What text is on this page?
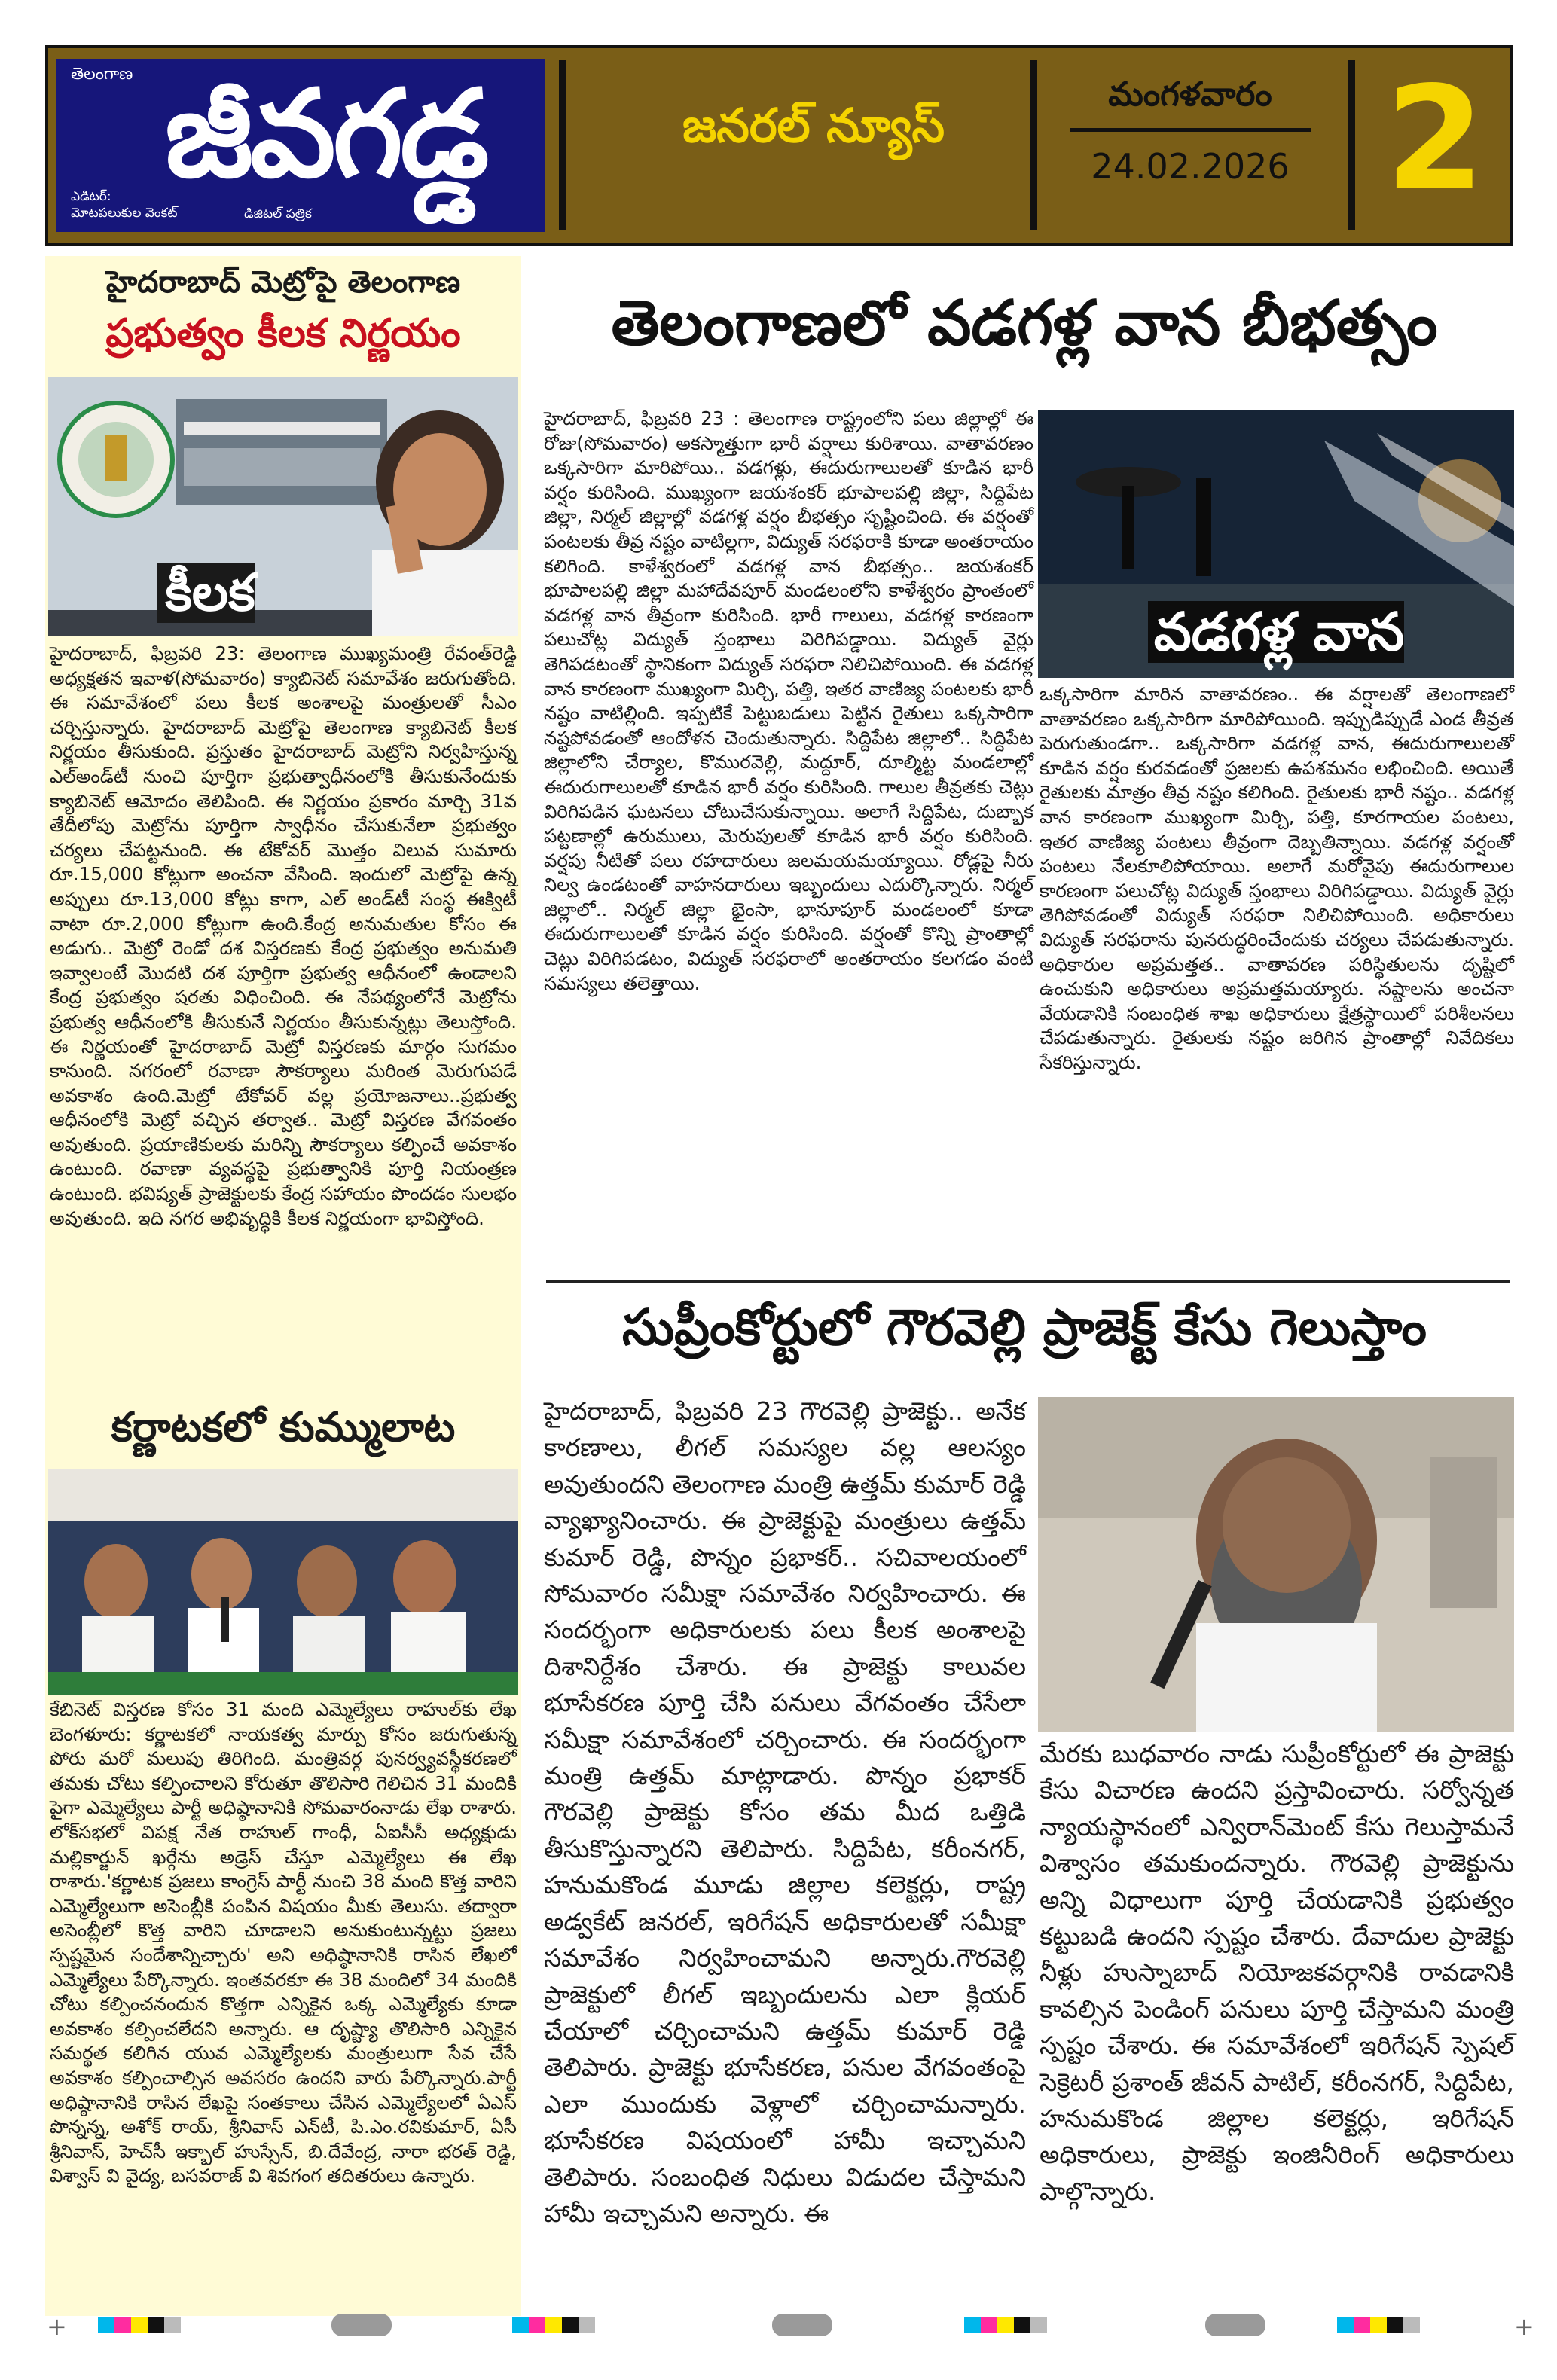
తెలంగాణ జీవగడ్డ
ఎడిటర్:
మోటపలుకుల వెంకట్	డిజిటల్ పత్రిక
జనరల్ న్యూస్
మంగళవారం
24.02.2026 2
హైదరాబాద్ మెట్రోపై తెలంగాణ
ప్రభుత్వం కీలక నిర్ణయం
కీలక
హైదరాబాద్, ఫిబ్రవరి 23: తెలంగాణ ముఖ్యమంత్రి రేవంత్‌రెడ్డి అధ్యక్షతన ఇవాళ(సోమవారం) క్యాబినెట్ సమావేశం జరుగుతోంది. ఈ సమావేశంలో పలు కీలక అంశాలపై మంత్రులతో సీఎం చర్చిస్తున్నారు. హైదరాబాద్ మెట్రోపై తెలంగాణ క్యాబినెట్ కీలక నిర్ణయం తీసుకుంది. ప్రస్తుతం హైదరాబాద్ మెట్రోని నిర్వహిస్తున్న ఎల్అండ్‌టీ నుంచి పూర్తిగా ప్రభుత్వాధీనంలోకి తీసుకునేందుకు క్యాబినెట్ ఆమోదం తెలిపింది. ఈ నిర్ణయం ప్రకారం మార్చి 31వ తేదీలోపు మెట్రోను పూర్తిగా స్వాధీనం చేసుకునేలా ప్రభుత్వం చర్యలు చేపట్టనుంది. ఈ టేకోవర్ మొత్తం విలువ సుమారు రూ.15,000 కోట్లుగా అంచనా వేసింది. ఇందులో మెట్రోపై ఉన్న అప్పులు రూ.13,000 కోట్లు కాగా, ఎల్ అండ్‌టీ సంస్థ ఈక్విటీ వాటా రూ.2,000 కోట్లుగా ఉంది.కేంద్ర అనుమతుల కోసం ఈ అడుగు.. మెట్రో రెండో దశ విస్తరణకు కేంద్ర ప్రభుత్వం అనుమతి ఇవ్వాలంటే మొదటి దశ పూర్తిగా ప్రభుత్వ ఆధీనంలో ఉండాలని కేంద్ర ప్రభుత్వం షరతు విధించింది. ఈ నేపథ్యంలోనే మెట్రోను ప్రభుత్వ ఆధీనంలోకి తీసుకునే నిర్ణయం తీసుకున్నట్లు తెలుస్తోంది. ఈ నిర్ణయంతో హైదరాబాద్ మెట్రో విస్తరణకు మార్గం సుగమం కానుంది. నగరంలో రవాణా సౌకర్యాలు మరింత మెరుగుపడే అవకాశం ఉంది.మెట్రో టేకోవర్ వల్ల ప్రయోజనాలు..ప్రభుత్వ ఆధీనంలోకి మెట్రో వచ్చిన తర్వాత.. మెట్రో విస్తరణ వేగవంతం అవుతుంది. ప్రయాణికులకు మరిన్ని సౌకర్యాలు కల్పించే అవకాశం ఉంటుంది. రవాణా వ్యవస్థపై ప్రభుత్వానికి పూర్తి నియంత్రణ ఉంటుంది. భవిష్యత్ ప్రాజెక్టులకు కేంద్ర సహాయం పొందడం సులభం అవుతుంది. ఇది నగర అభివృద్ధికి కీలక నిర్ణయంగా భావిస్తోంది.
కర్ణాటకలో కుమ్ములాట
కేబినెట్ విస్తరణ కోసం 31 మంది ఎమ్మెల్యేలు రాహుల్‌కు లేఖ బెంగళూరు: కర్ణాటకలో నాయకత్వ మార్పు కోసం జరుగుతున్న పోరు మరో మలుపు తిరిగింది. మంత్రివర్గ పునర్వ్యవస్థీకరణలో తమకు చోటు కల్పించాలని కోరుతూ తొలిసారి గెలిచిన 31 మందికి పైగా ఎమ్మెల్యేలు పార్టీ అధిష్ఠానానికి సోమవారంనాడు లేఖ రాశారు. లోక్‌సభలో విపక్ష నేత రాహుల్ గాంధీ, ఏఐసీసీ అధ్యక్షుడు మల్లికార్జున్ ఖర్గేను అడ్రెస్ చేస్తూ ఎమ్మెల్యేలు ఈ లేఖ రాశారు.'కర్ణాటక ప్రజలు కాంగ్రెస్ పార్టీ నుంచి 38 మంది కొత్త వారిని ఎమ్మెల్యేలుగా అసెంబ్లీకి పంపిన విషయం మీకు తెలుసు. తద్వారా అసెంబ్లీలో కొత్త వారిని చూడాలని అనుకుంటున్నట్టు ప్రజలు స్పష్టమైన సందేశాన్నిచ్చారు' అని అధిష్ఠానానికి రాసిన లేఖలో ఎమ్మెల్యేలు పేర్కొన్నారు. ఇంతవరకూ ఈ 38 మందిలో 34 మందికి చోటు కల్పించనందున కొత్తగా ఎన్నికైన ఒక్క ఎమ్మెల్యేకు కూడా అవకాశం కల్పించలేదని అన్నారు. ఆ దృష్ట్యా తొలిసారి ఎన్నికైన సమర్థత కలిగిన యువ ఎమ్మెల్యేలకు మంత్రులుగా సేవ చేసే అవకాశం కల్పించాల్సిన అవసరం ఉందని వారు పేర్కొన్నారు.పార్టీ అధిష్ఠానానికి రాసిన లేఖపై సంతకాలు చేసిన ఎమ్మెల్యేలలో ఏఎస్ పొన్నన్న, అశోక్ రాయ్, శ్రీనివాస్ ఎన్‌టీ, పి.ఎం.రవికుమార్, ఏసీ శ్రీనివాస్, హెచ్‌సీ ఇక్బాల్ హుస్సేన్, బి.దేవేంద్ర, నారా భరత్ రెడ్డి, విశ్వాస్ వి వైద్య, బసవరాజ్ వి శివగంగ తదితరులు ఉన్నారు.
తెలంగాణలో వడగళ్ల వాన బీభత్సం
హైదరాబాద్, ఫిబ్రవరి 23 : తెలంగాణ రాష్ట్రంలోని పలు జిల్లాల్లో ఈ రోజు(సోమవారం) అకస్మాత్తుగా భారీ వర్షాలు కురిశాయి. వాతావరణం ఒక్కసారిగా మారిపోయి.. వడగళ్లు, ఈదురుగాలులతో కూడిన భారీ వర్షం కురిసింది. ముఖ్యంగా జయశంకర్ భూపాలపల్లి జిల్లా, సిద్దిపేట జిల్లా, నిర్మల్ జిల్లాల్లో వడగళ్ల వర్షం బీభత్సం సృష్టించింది. ఈ వర్షంతో పంటలకు తీవ్ర నష్టం వాటిల్లగా, విద్యుత్ సరఫరాకి కూడా అంతరాయం కలిగింది. కాళేశ్వరంలో వడగళ్ల వాన బీభత్సం.. జయశంకర్ భూపాలపల్లి జిల్లా మహాదేవపూర్ మండలంలోని కాళేశ్వరం ప్రాంతంలో వడగళ్ల వాన తీవ్రంగా కురిసింది. భారీ గాలులు, వడగళ్ల కారణంగా పలుచోట్ల విద్యుత్ స్తంభాలు విరిగిపడ్డాయి. విద్యుత్ వైర్లు తెగిపడటంతో స్థానికంగా విద్యుత్ సరఫరా నిలిచిపోయింది. ఈ వడగళ్ల వాన కారణంగా ముఖ్యంగా మిర్చి, పత్తి, ఇతర వాణిజ్య పంటలకు భారీ నష్టం వాటిల్లింది. ఇప్పటికే పెట్టుబడులు పెట్టిన రైతులు ఒక్కసారిగా నష్టపోవడంతో ఆందోళన చెందుతున్నారు. సిద్దిపేట జిల్లాలో.. సిద్దిపేట జిల్లాలోని చేర్యాల, కొమురవెల్లి, మద్దూర్, దూల్మిట్ట మండలాల్లో ఈదురుగాలులతో కూడిన భారీ వర్షం కురిసింది. గాలుల తీవ్రతకు చెట్లు విరిగిపడిన ఘటనలు చోటుచేసుకున్నాయి. అలాగే సిద్దిపేట, దుబ్బాక పట్టణాల్లో ఉరుములు, మెరుపులతో కూడిన భారీ వర్షం కురిసింది. వర్షపు నీటితో పలు రహదారులు జలమయమయ్యాయి. రోడ్లపై నీరు నిల్వ ఉండటంతో వాహనదారులు ఇబ్బందులు ఎదుర్కొన్నారు. నిర్మల్ జిల్లాలో.. నిర్మల్ జిల్లా భైంసా, భానూపూర్ మండలంలో కూడా ఈదురుగాలులతో కూడిన వర్షం కురిసింది. వర్షంతో కొన్ని ప్రాంతాల్లో చెట్లు విరిగిపడటం, విద్యుత్ సరఫరాలో అంతరాయం కలగడం వంటి సమస్యలు తలెత్తాయి.
వడగళ్ల వాన
ఒక్కసారిగా మారిన వాతావరణం.. ఈ వర్షాలతో తెలంగాణలో వాతావరణం ఒక్కసారిగా మారిపోయింది. ఇప్పుడిప్పుడే ఎండ తీవ్రత పెరుగుతుండగా.. ఒక్కసారిగా వడగళ్ల వాన, ఈదురుగాలులతో కూడిన వర్షం కురవడంతో ప్రజలకు ఉపశమనం లభించింది. అయితే రైతులకు మాత్రం తీవ్ర నష్టం కలిగింది. రైతులకు భారీ నష్టం.. వడగళ్ల వాన కారణంగా ముఖ్యంగా మిర్చి, పత్తి, కూరగాయల పంటలు, ఇతర వాణిజ్య పంటలు తీవ్రంగా దెబ్బతిన్నాయి. వడగళ్ల వర్షంతో పంటలు నేలకూలిపోయాయి. అలాగే మరోవైపు ఈదురుగాలుల కారణంగా పలుచోట్ల విద్యుత్ స్తంభాలు విరిగిపడ్డాయి. విద్యుత్ వైర్లు తెగిపోవడంతో విద్యుత్ సరఫరా నిలిచిపోయింది. అధికారులు విద్యుత్ సరఫరాను పునరుద్ధరించేందుకు చర్యలు చేపడుతున్నారు. అధికారుల అప్రమత్తత.. వాతావరణ పరిస్థితులను దృష్టిలో ఉంచుకుని అధికారులు అప్రమత్తమయ్యారు. నష్టాలను అంచనా వేయడానికి సంబంధిత శాఖ అధికారులు క్షేత్రస్థాయిలో పరిశీలనలు చేపడుతున్నారు. రైతులకు నష్టం జరిగిన ప్రాంతాల్లో నివేదికలు సేకరిస్తున్నారు.
సుప్రీంకోర్టులో గౌరవెల్లి ప్రాజెక్ట్ కేసు గెలుస్తాం
హైదరాబాద్, ఫిబ్రవరి 23 గౌరవెల్లి ప్రాజెక్టు.. అనేక కారణాలు, లీగల్ సమస్యల వల్ల ఆలస్యం అవుతుందని తెలంగాణ మంత్రి ఉత్తమ్ కుమార్ రెడ్డి వ్యాఖ్యానించారు. ఈ ప్రాజెక్టుపై మంత్రులు ఉత్తమ్ కుమార్ రెడ్డి, పొన్నం ప్రభాకర్.. సచివాలయంలో సోమవారం సమీక్షా సమావేశం నిర్వహించారు. ఈ సందర్భంగా అధికారులకు పలు కీలక అంశాలపై దిశానిర్దేశం చేశారు. ఈ ప్రాజెక్టు కాలువల భూసేకరణ పూర్తి చేసి పనులు వేగవంతం చేసేలా సమీక్షా సమావేశంలో చర్చించారు. ఈ సందర్భంగా మంత్రి ఉత్తమ్ మాట్లాడారు. పొన్నం ప్రభాకర్ గౌరవెల్లి ప్రాజెక్టు కోసం తమ మీద ఒత్తిడి తీసుకొస్తున్నారని తెలిపారు. సిద్దిపేట, కరీంనగర్, హనుమకొండ మూడు జిల్లాల కలెక్టర్లు, రాష్ట్ర అడ్వకేట్ జనరల్, ఇరిగేషన్ అధికారులతో సమీక్షా సమావేశం నిర్వహించామని అన్నారు.గౌరవెల్లి ప్రాజెక్టులో లీగల్ ఇబ్బందులను ఎలా క్లియర్ చేయాలో చర్చించామని ఉత్తమ్ కుమార్ రెడ్డి తెలిపారు. ప్రాజెక్టు భూసేకరణ, పనుల వేగవంతంపై ఎలా ముందుకు వెళ్లాలో చర్చించామన్నారు. భూసేకరణ విషయంలో హామీ ఇచ్చామని తెలిపారు. సంబంధిత నిధులు విడుదల చేస్తామని హామీ ఇచ్చామని అన్నారు. ఈ
మేరకు బుధవారం నాడు సుప్రీంకోర్టులో ఈ ప్రాజెక్టు కేసు విచారణ ఉందని ప్రస్తావించారు. సర్వోన్నత న్యాయస్థానంలో ఎన్విరాన్‌మెంట్ కేసు గెలుస్తామనే విశ్వాసం తమకుందన్నారు. గౌరవెల్లి ప్రాజెక్టును అన్ని విధాలుగా పూర్తి చేయడానికి ప్రభుత్వం కట్టుబడి ఉందని స్పష్టం చేశారు. దేవాదుల ప్రాజెక్టు నీళ్లు హుస్నాబాద్ నియోజకవర్గానికి రావడానికి కావల్సిన పెండింగ్ పనులు పూర్తి చేస్తామని మంత్రి స్పష్టం చేశారు. ఈ సమావేశంలో ఇరిగేషన్ స్పెషల్ సెక్రెటరీ ప్రశాంత్ జీవన్ పాటిల్, కరీంనగర్, సిద్దిపేట, హనుమకొండ జిల్లాల కలెక్టర్లు, ఇరిగేషన్ అధికారులు, ప్రాజెక్టు ఇంజినీరింగ్ అధికారులు పాల్గొన్నారు.
+	+
